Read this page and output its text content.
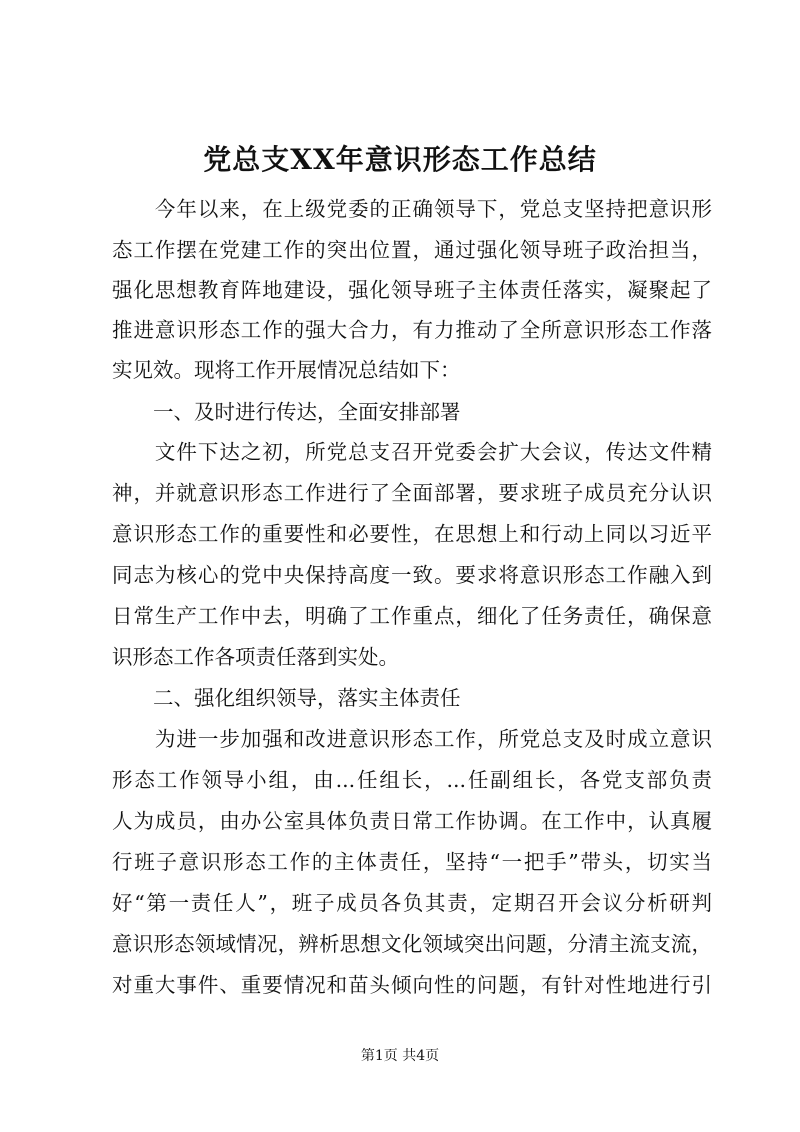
党总支XX年意识形态工作总结
　　今年以来，在上级党委的正确领导下，党总支坚持把意识形
态工作摆在党建工作的突出位置，通过强化领导班子政治担当，
强化思想教育阵地建设，强化领导班子主体责任落实，凝聚起了
推进意识形态工作的强大合力，有力推动了全所意识形态工作落
实见效。现将工作开展情况总结如下：
　　一、及时进行传达，全面安排部署
　　文件下达之初，所党总支召开党委会扩大会议，传达文件精
神，并就意识形态工作进行了全面部署，要求班子成员充分认识
意识形态工作的重要性和必要性，在思想上和行动上同以习近平
同志为核心的党中央保持高度一致。要求将意识形态工作融入到
日常生产工作中去，明确了工作重点，细化了任务责任，确保意
识形态工作各项责任落到实处。
　　二、强化组织领导，落实主体责任
　　为进一步加强和改进意识形态工作，所党总支及时成立意识
形态工作领导小组，由...任组长，...任副组长，各党支部负责
人为成员，由办公室具体负责日常工作协调。在工作中，认真履
行班子意识形态工作的主体责任，坚持“一把手”带头，切实当
好“第一责任人”，班子成员各负其责，定期召开会议分析研判
意识形态领域情况，辨析思想文化领域突出问题，分清主流支流，
对重大事件、重要情况和苗头倾向性的问题，有针对性地进行引
第1页 共4页
